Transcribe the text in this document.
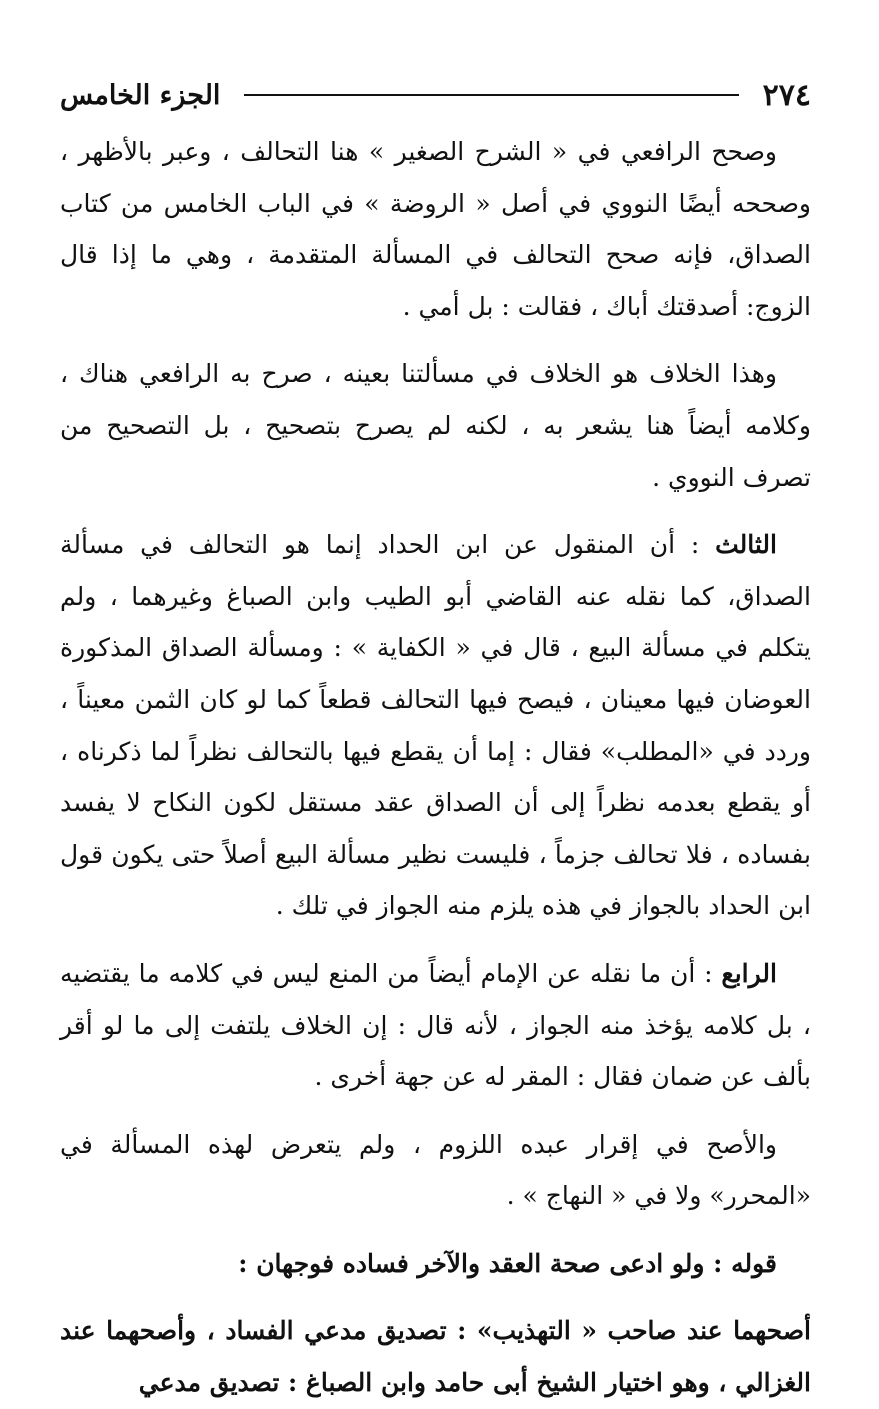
٢٧٤
الجزء الخامس

وصحح الرافعي في « الشرح الصغير » هنا التحالف ، وعبر بالأظهر ، وصححه أيضًا النووي في أصل « الروضة » في الباب الخامس من كتاب الصداق، فإنه صحح التحالف في المسألة المتقدمة ، وهي ما إذا قال الزوج: أصدقتك أباك ، فقالت : بل أمي .

وهذا الخلاف هو الخلاف في مسألتنا بعينه ، صرح به الرافعي هناك ، وكلامه أيضاً هنا يشعر به ، لكنه لم يصرح بتصحيح ، بل التصحيح من تصرف النووي .

الثالث : أن المنقول عن ابن الحداد إنما هو التحالف في مسألة الصداق، كما نقله عنه القاضي أبو الطيب وابن الصباغ وغيرهما ، ولم يتكلم في مسألة البيع ، قال في « الكفاية » : ومسألة الصداق المذكورة العوضان فيها معينان ، فيصح فيها التحالف قطعاً كما لو كان الثمن معيناً ، وردد في «المطلب» فقال : إما أن يقطع فيها بالتحالف نظراً لما ذكرناه ، أو يقطع بعدمه نظراً إلى أن الصداق عقد مستقل لكون النكاح لا يفسد بفساده ، فلا تحالف جزماً ، فليست نظير مسألة البيع أصلاً حتى يكون قول ابن الحداد بالجواز في هذه يلزم منه الجواز في تلك .

الرابع : أن ما نقله عن الإمام أيضاً من المنع ليس في كلامه ما يقتضيه ، بل كلامه يؤخذ منه الجواز ، لأنه قال : إن الخلاف يلتفت إلى ما لو أقر بألف عن ضمان فقال : المقر له عن جهة أخرى .

والأصح في إقرار عبده اللزوم ، ولم يتعرض لهذه المسألة في «المحرر» ولا في « النهاج » .

قوله : ولو ادعى صحة العقد والآخر فساده فوجهان :

أصحهما عند صاحب « التهذيب» : تصديق مدعي الفساد ، وأصحهما عند الغزالي ، وهو اختيار الشيخ أبى حامد وابن الصباغ : تصديق مدعي
